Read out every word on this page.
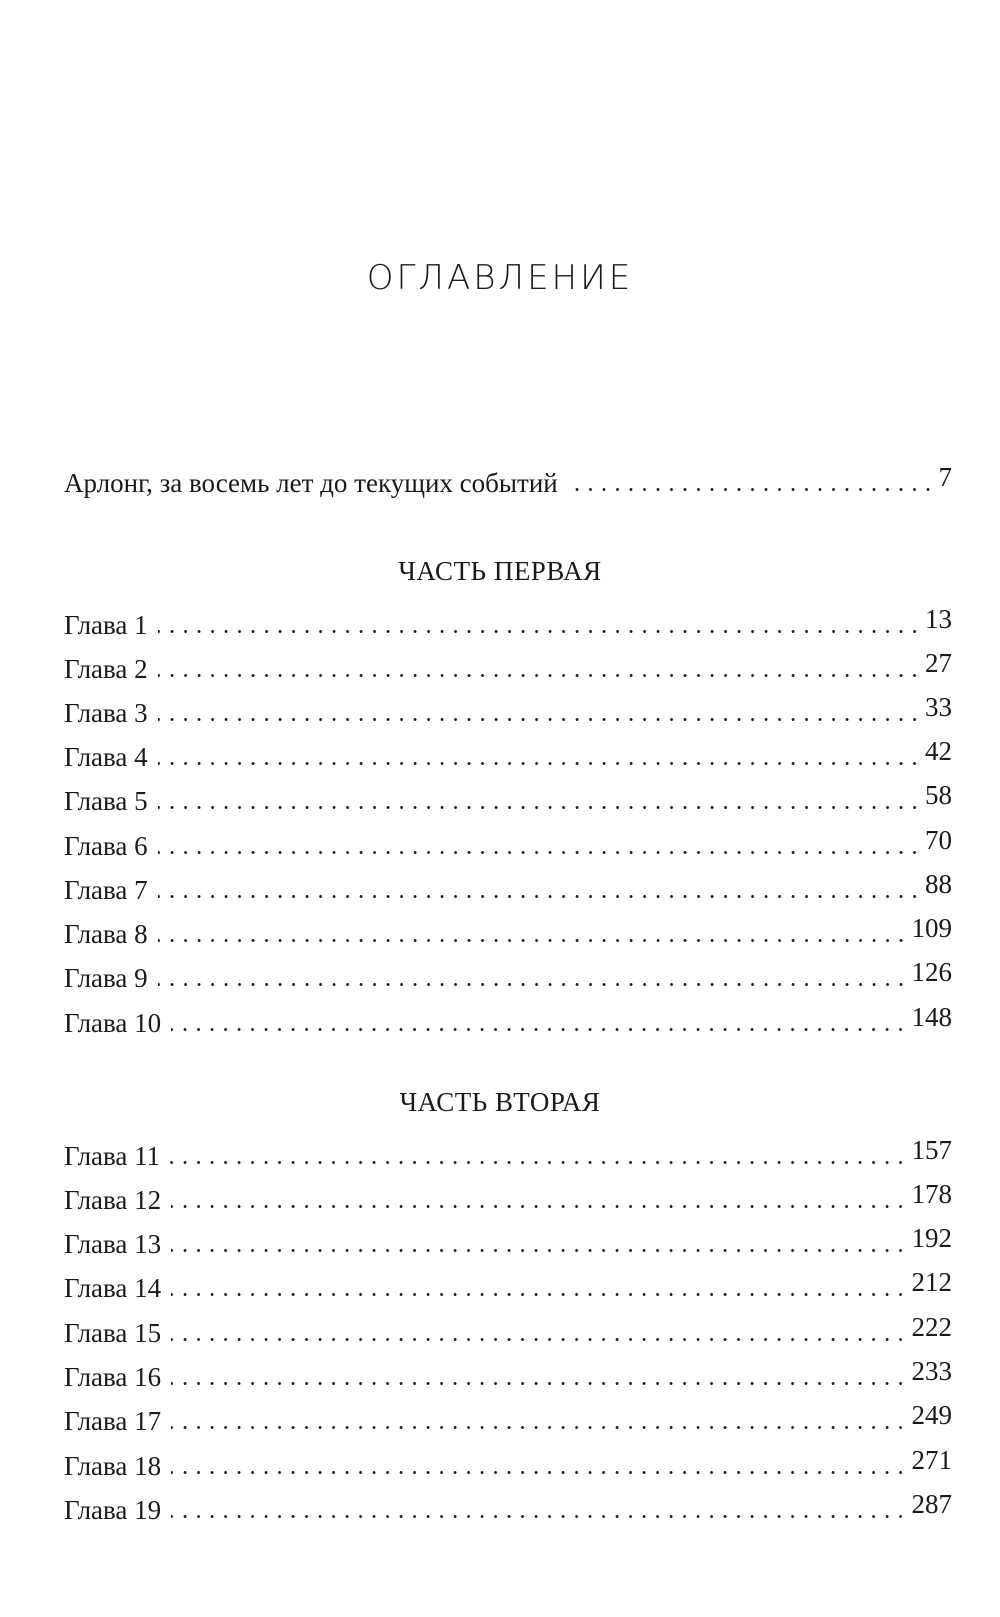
ОГЛАВЛЕНИЕ
Арлонг, за восемь лет до текущих событий	7
ЧАСТЬ ПЕРВАЯ
Глава 1	13
Глава 2	27
Глава 3	33
Глава 4	42
Глава 5	58
Глава 6	70
Глава 7	88
Глава 8	109
Глава 9	126
Глава 10	148
ЧАСТЬ ВТОРАЯ
Глава 11	157
Глава 12	178
Глава 13	192
Глава 14	212
Глава 15	222
Глава 16	233
Глава 17	249
Глава 18	271
Глава 19	287
